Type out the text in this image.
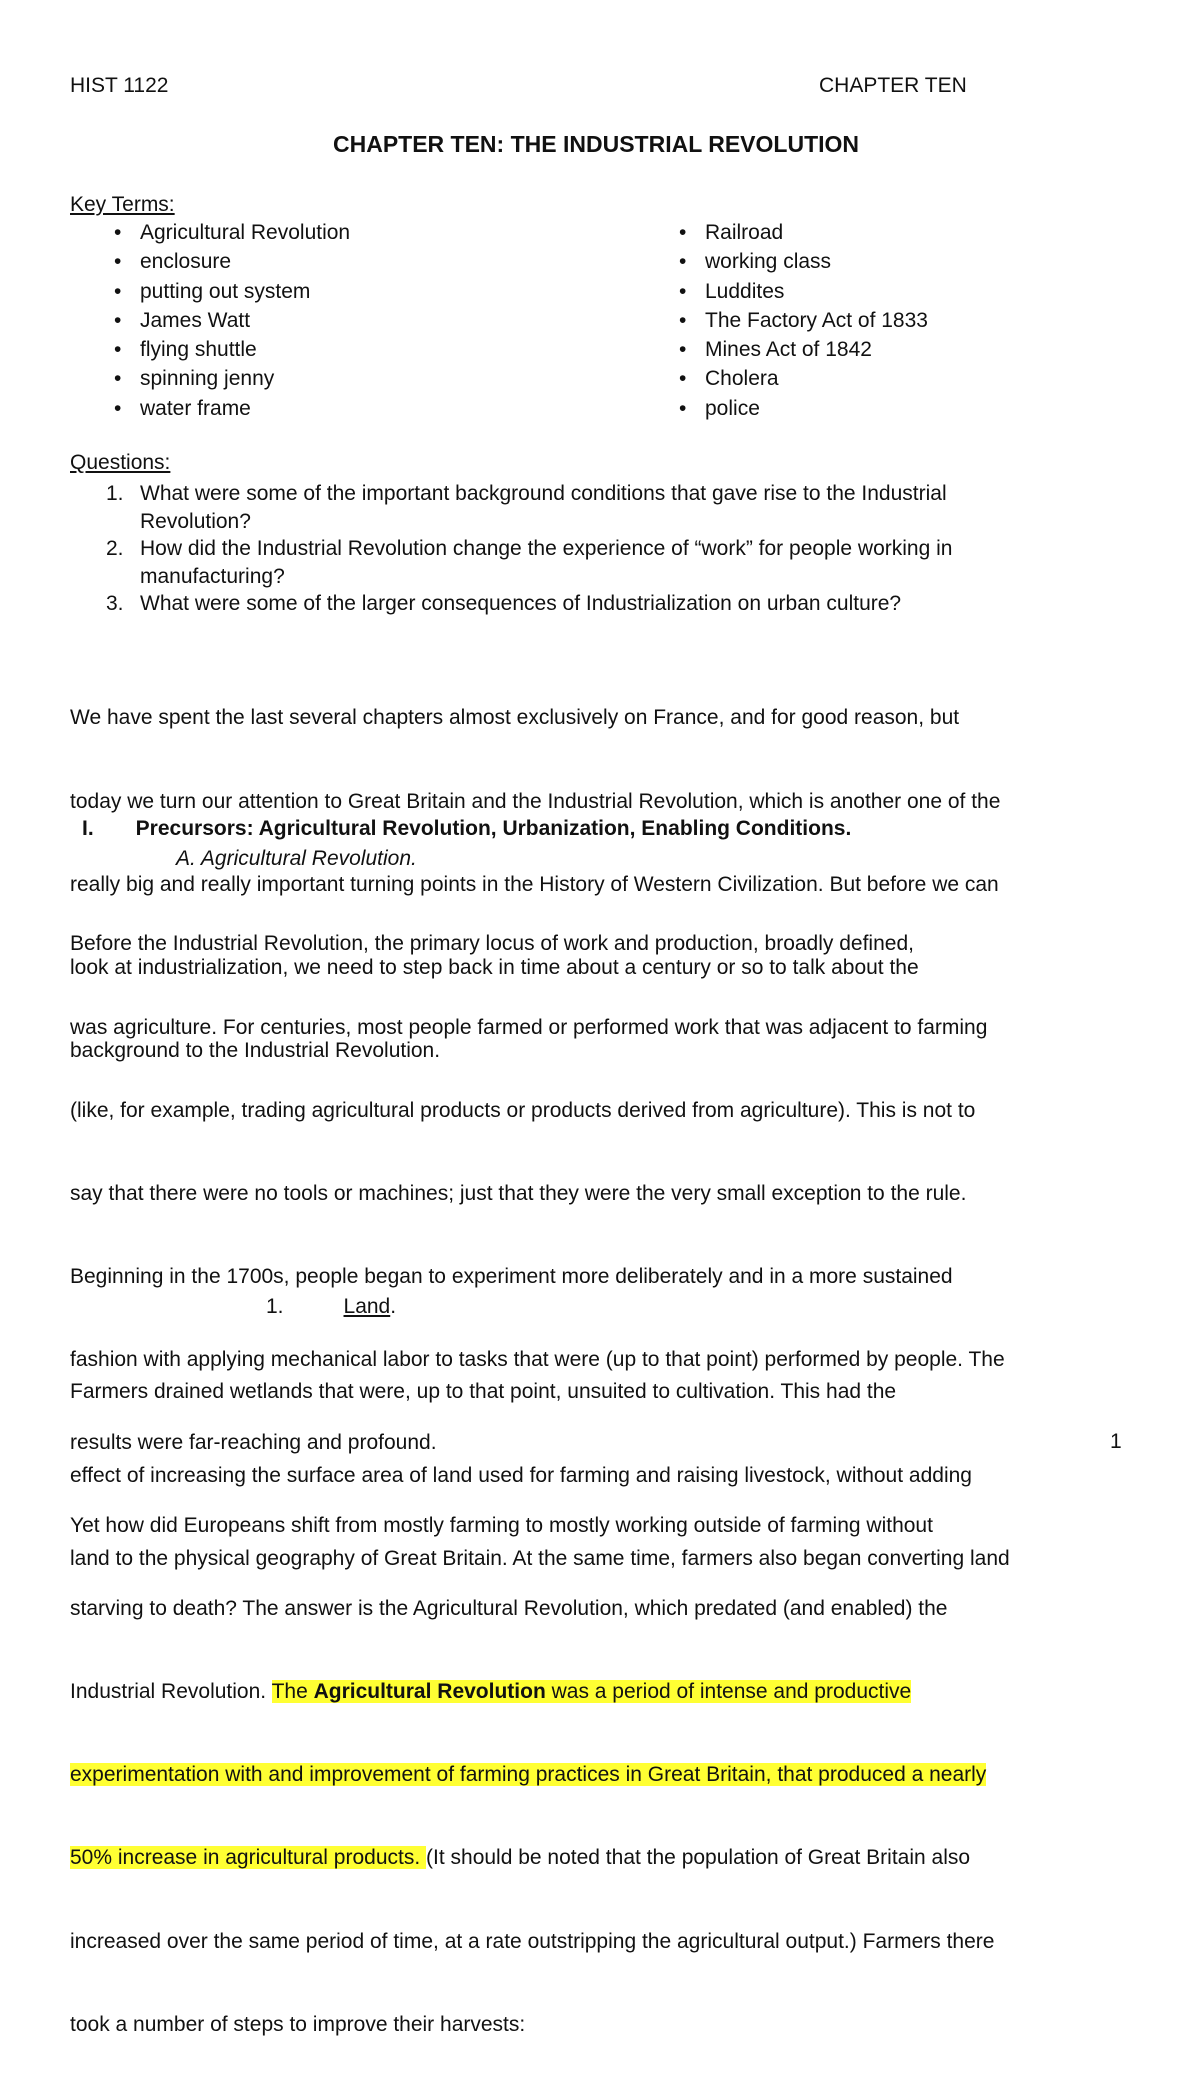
HIST 1122	CHAPTER TEN
CHAPTER TEN: THE INDUSTRIAL REVOLUTION
Key Terms:
• Agricultural Revolution
• enclosure
• putting out system
• James Watt
• flying shuttle
• spinning jenny
• water frame
• Railroad
• working class
• Luddites
• The Factory Act of 1833
• Mines Act of 1842
• Cholera
• police
Questions:
1. What were some of the important background conditions that gave rise to the Industrial
Revolution?
2. How did the Industrial Revolution change the experience of “work” for people working in
manufacturing?
3. What were some of the larger consequences of Industrialization on urban culture?

We have spent the last several chapters almost exclusively on France, and for good reason, but

today we turn our attention to Great Britain and the Industrial Revolution, which is another one of the

really big and really important turning points in the History of Western Civilization. But before we can

look at industrialization, we need to step back in time about a century or so to talk about the

background to the Industrial Revolution.

I. Precursors: Agricultural Revolution, Urbanization, Enabling Conditions.
A. Agricultural Revolution.

Before the Industrial Revolution, the primary locus of work and production, broadly defined,

was agriculture. For centuries, most people farmed or performed work that was adjacent to farming

(like, for example, trading agricultural products or products derived from agriculture). This is not to

say that there were no tools or machines; just that they were the very small exception to the rule.

Beginning in the 1700s, people began to experiment more deliberately and in a more sustained

fashion with applying mechanical labor to tasks that were (up to that point) performed by people. The

results were far-reaching and profound.

Yet how did Europeans shift from mostly farming to mostly working outside of farming without

starving to death? The answer is the Agricultural Revolution, which predated (and enabled) the

Industrial Revolution. The Agricultural Revolution was a period of intense and productive

experimentation with and improvement of farming practices in Great Britain, that produced a nearly

50% increase in agricultural products. (It should be noted that the population of Great Britain also

increased over the same period of time, at a rate outstripping the agricultural output.) Farmers there

took a number of steps to improve their harvests:

1.	Land.

Farmers drained wetlands that were, up to that point, unsuited to cultivation. This had the

effect of increasing the surface area of land used for farming and raising livestock, without adding

land to the physical geography of Great Britain. At the same time, farmers also began converting land

1
